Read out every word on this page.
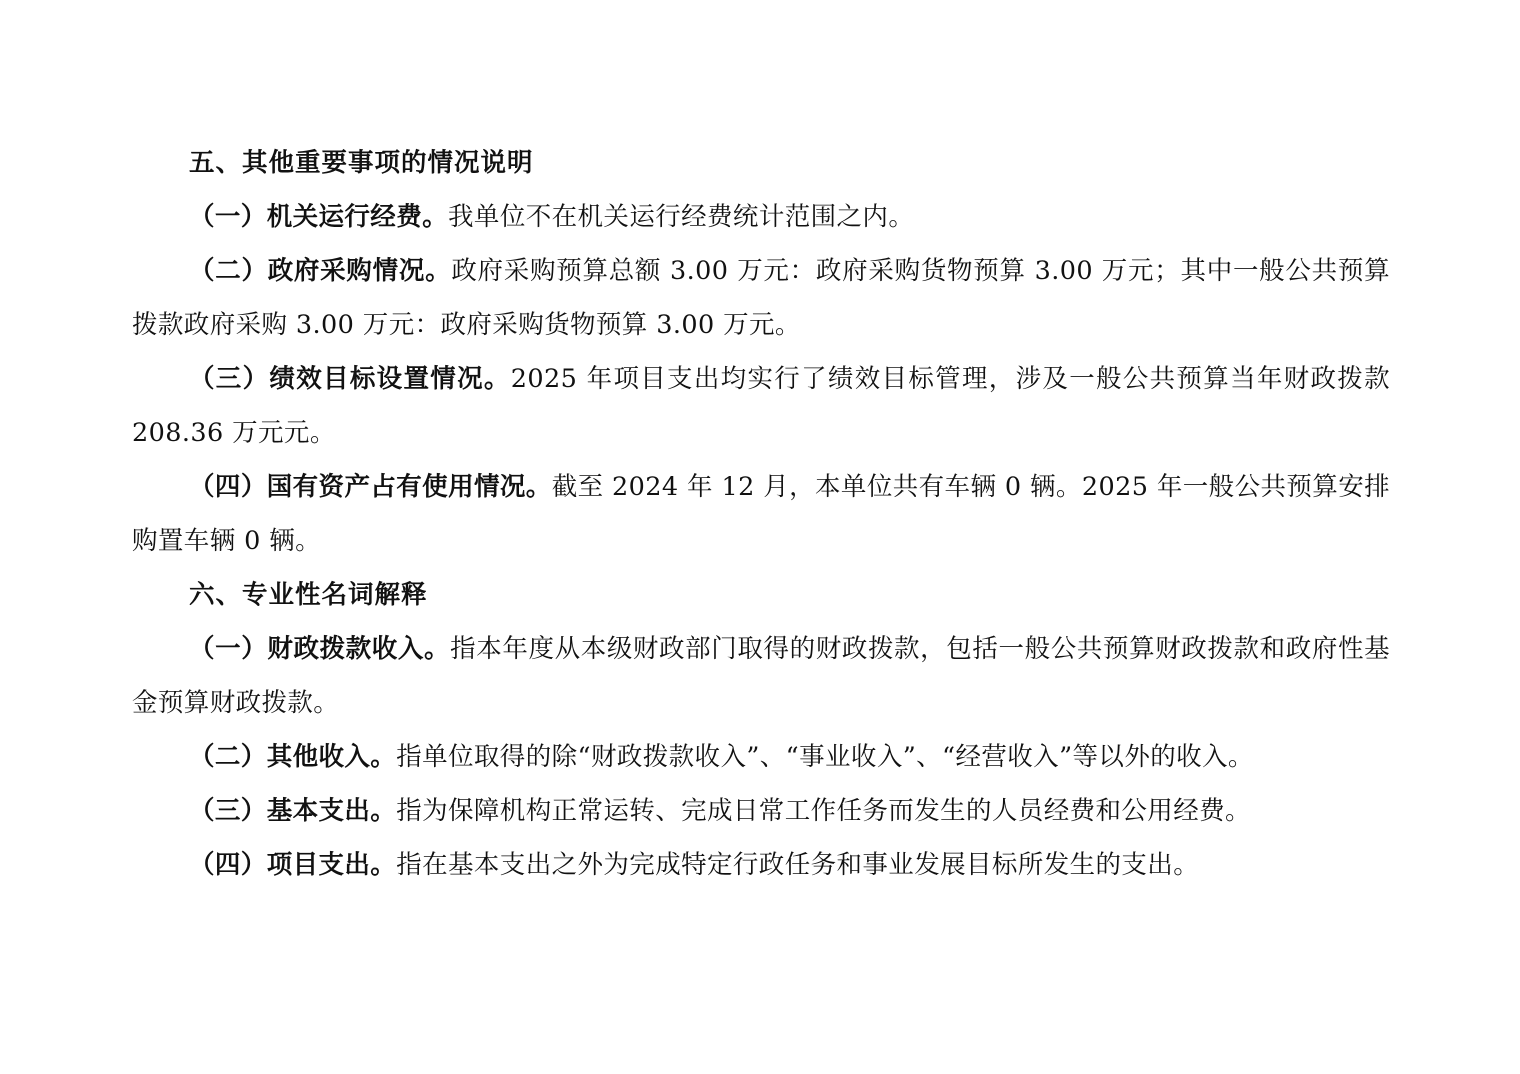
五、其他重要事项的情况说明

（一）机关运行经费。我单位不在机关运行经费统计范围之内。

（二）政府采购情况。政府采购预算总额 3.00 万元：政府采购货物预算 3.00 万元；其中一般公共预算拨款政府采购 3.00 万元：政府采购货物预算 3.00 万元。

（三）绩效目标设置情况。2025 年项目支出均实行了绩效目标管理，涉及一般公共预算当年财政拨款 208.36 万元元。

（四）国有资产占有使用情况。截至 2024 年 12 月，本单位共有车辆 0 辆。2025 年一般公共预算安排购置车辆 0 辆。

六、专业性名词解释

（一）财政拨款收入。指本年度从本级财政部门取得的财政拨款，包括一般公共预算财政拨款和政府性基金预算财政拨款。

（二）其他收入。指单位取得的除“财政拨款收入”、“事业收入”、“经营收入”等以外的收入。

（三）基本支出。指为保障机构正常运转、完成日常工作任务而发生的人员经费和公用经费。

（四）项目支出。指在基本支出之外为完成特定行政任务和事业发展目标所发生的支出。
